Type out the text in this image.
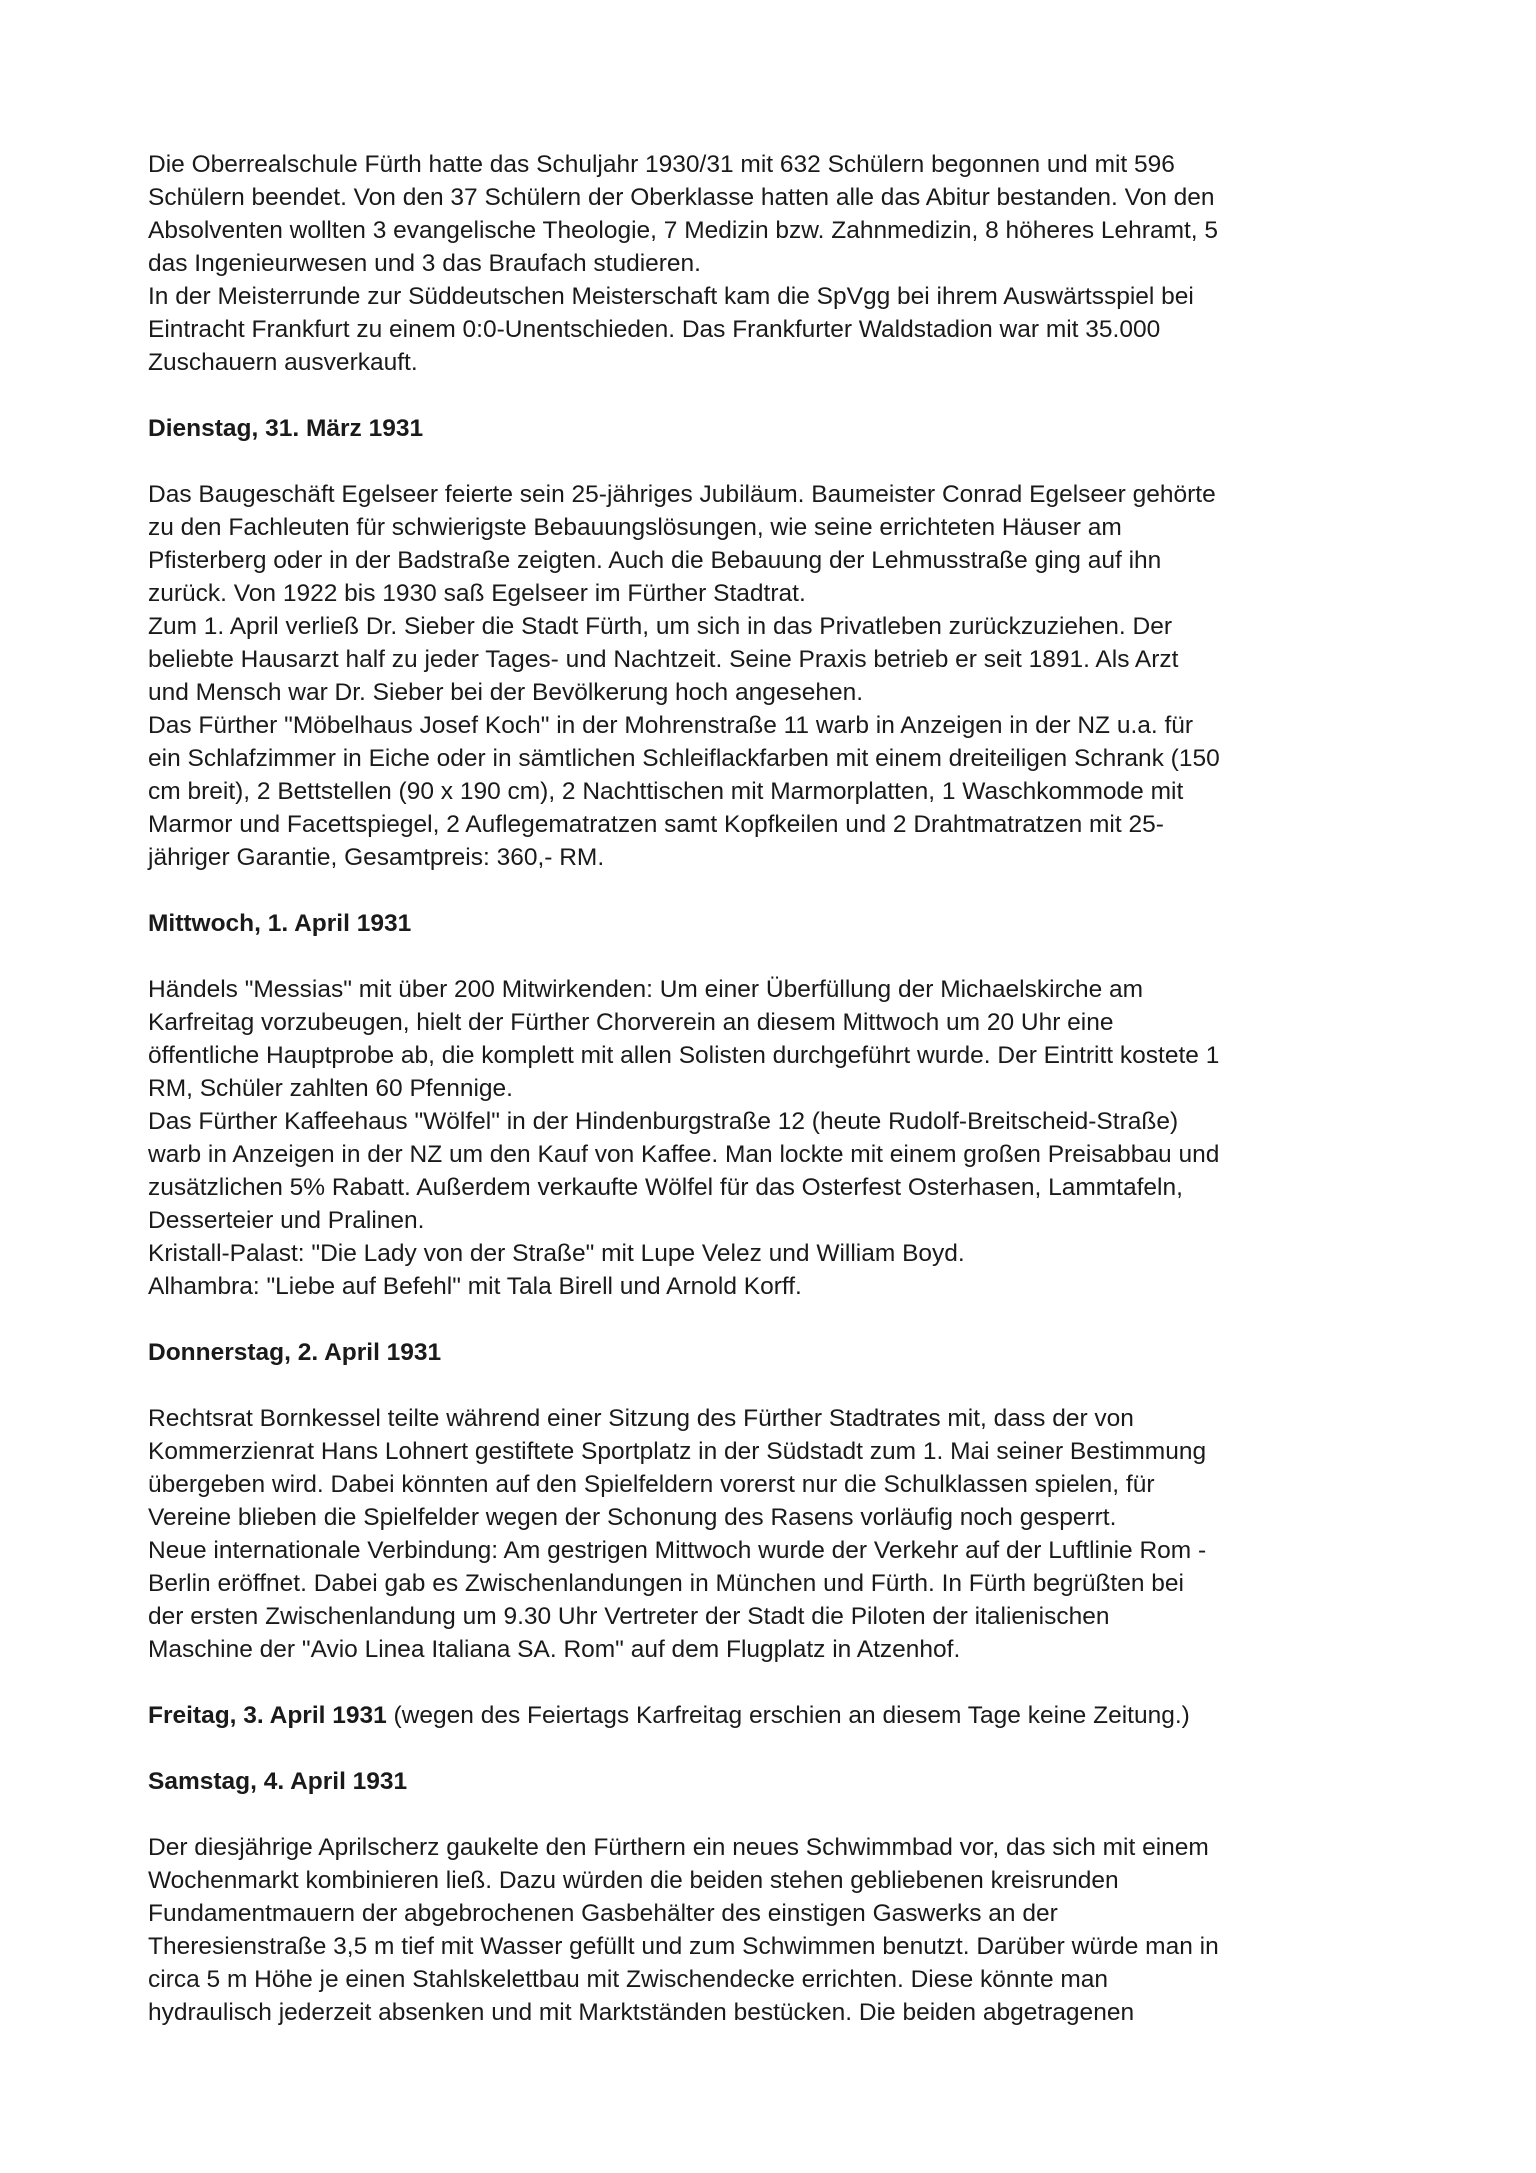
Die Oberrealschule Fürth hatte das Schuljahr 1930/31 mit 632 Schülern begonnen und mit 596
Schülern beendet. Von den 37 Schülern der Oberklasse hatten alle das Abitur bestanden. Von den
Absolventen wollten 3 evangelische Theologie, 7 Medizin bzw. Zahnmedizin, 8 höheres Lehramt, 5
das Ingenieurwesen und 3 das Braufach studieren.

In der Meisterrunde zur Süddeutschen Meisterschaft kam die SpVgg bei ihrem Auswärtsspiel bei
Eintracht Frankfurt zu einem 0:0-Unentschieden. Das Frankfurter Waldstadion war mit 35.000
Zuschauern ausverkauft.

Dienstag, 31. März 1931

Das Baugeschäft Egelseer feierte sein 25-jähriges Jubiläum. Baumeister Conrad Egelseer gehörte
zu den Fachleuten für schwierigste Bebauungslösungen, wie seine errichteten Häuser am
Pfisterberg oder in der Badstraße zeigten. Auch die Bebauung der Lehmusstraße ging auf ihn
zurück. Von 1922 bis 1930 saß Egelseer im Fürther Stadtrat.

Zum 1. April verließ Dr. Sieber die Stadt Fürth, um sich in das Privatleben zurückzuziehen. Der
beliebte Hausarzt half zu jeder Tages- und Nachtzeit. Seine Praxis betrieb er seit 1891. Als Arzt
und Mensch war Dr. Sieber bei der Bevölkerung hoch angesehen.

Das Fürther "Möbelhaus Josef Koch" in der Mohrenstraße 11 warb in Anzeigen in der NZ u.a. für
ein Schlafzimmer in Eiche oder in sämtlichen Schleiflackfarben mit einem dreiteiligen Schrank (150
cm breit), 2 Bettstellen (90 x 190 cm), 2 Nachttischen mit Marmorplatten, 1 Waschkommode mit
Marmor und Facettspiegel, 2 Auflegematratzen samt Kopfkeilen und 2 Drahtmatratzen mit 25-
jähriger Garantie, Gesamtpreis: 360,- RM.

Mittwoch, 1. April 1931

Händels "Messias" mit über 200 Mitwirkenden: Um einer Überfüllung der Michaelskirche am
Karfreitag vorzubeugen, hielt der Fürther Chorverein an diesem Mittwoch um 20 Uhr eine
öffentliche Hauptprobe ab, die komplett mit allen Solisten durchgeführt wurde. Der Eintritt kostete 1
RM, Schüler zahlten 60 Pfennige.

Das Fürther Kaffeehaus "Wölfel" in der Hindenburgstraße 12 (heute Rudolf-Breitscheid-Straße)
warb in Anzeigen in der NZ um den Kauf von Kaffee. Man lockte mit einem großen Preisabbau und
zusätzlichen 5% Rabatt. Außerdem verkaufte Wölfel für das Osterfest Osterhasen, Lammtafeln,
Desserteier und Pralinen.

Kristall-Palast: "Die Lady von der Straße" mit Lupe Velez und William Boyd.

Alhambra: "Liebe auf Befehl" mit Tala Birell und Arnold Korff.

Donnerstag, 2. April 1931

Rechtsrat Bornkessel teilte während einer Sitzung des Fürther Stadtrates mit, dass der von
Kommerzienrat Hans Lohnert gestiftete Sportplatz in der Südstadt zum 1. Mai seiner Bestimmung
übergeben wird. Dabei könnten auf den Spielfeldern vorerst nur die Schulklassen spielen, für
Vereine blieben die Spielfelder wegen der Schonung des Rasens vorläufig noch gesperrt.

Neue internationale Verbindung: Am gestrigen Mittwoch wurde der Verkehr auf der Luftlinie Rom -
Berlin eröffnet. Dabei gab es Zwischenlandungen in München und Fürth. In Fürth begrüßten bei
der ersten Zwischenlandung um 9.30 Uhr Vertreter der Stadt die Piloten der italienischen
Maschine der "Avio Linea Italiana SA. Rom" auf dem Flugplatz in Atzenhof.

Freitag, 3. April 1931 (wegen des Feiertags Karfreitag erschien an diesem Tage keine Zeitung.)

Samstag, 4. April 1931

Der diesjährige Aprilscherz gaukelte den Fürthern ein neues Schwimmbad vor, das sich mit einem
Wochenmarkt kombinieren ließ. Dazu würden die beiden stehen gebliebenen kreisrunden
Fundamentmauern der abgebrochenen Gasbehälter des einstigen Gaswerks an der
Theresienstraße 3,5 m tief mit Wasser gefüllt und zum Schwimmen benutzt. Darüber würde man in
circa 5 m Höhe je einen Stahlskelettbau mit Zwischendecke errichten. Diese könnte man
hydraulisch jederzeit absenken und mit Marktständen bestücken. Die beiden abgetragenen
